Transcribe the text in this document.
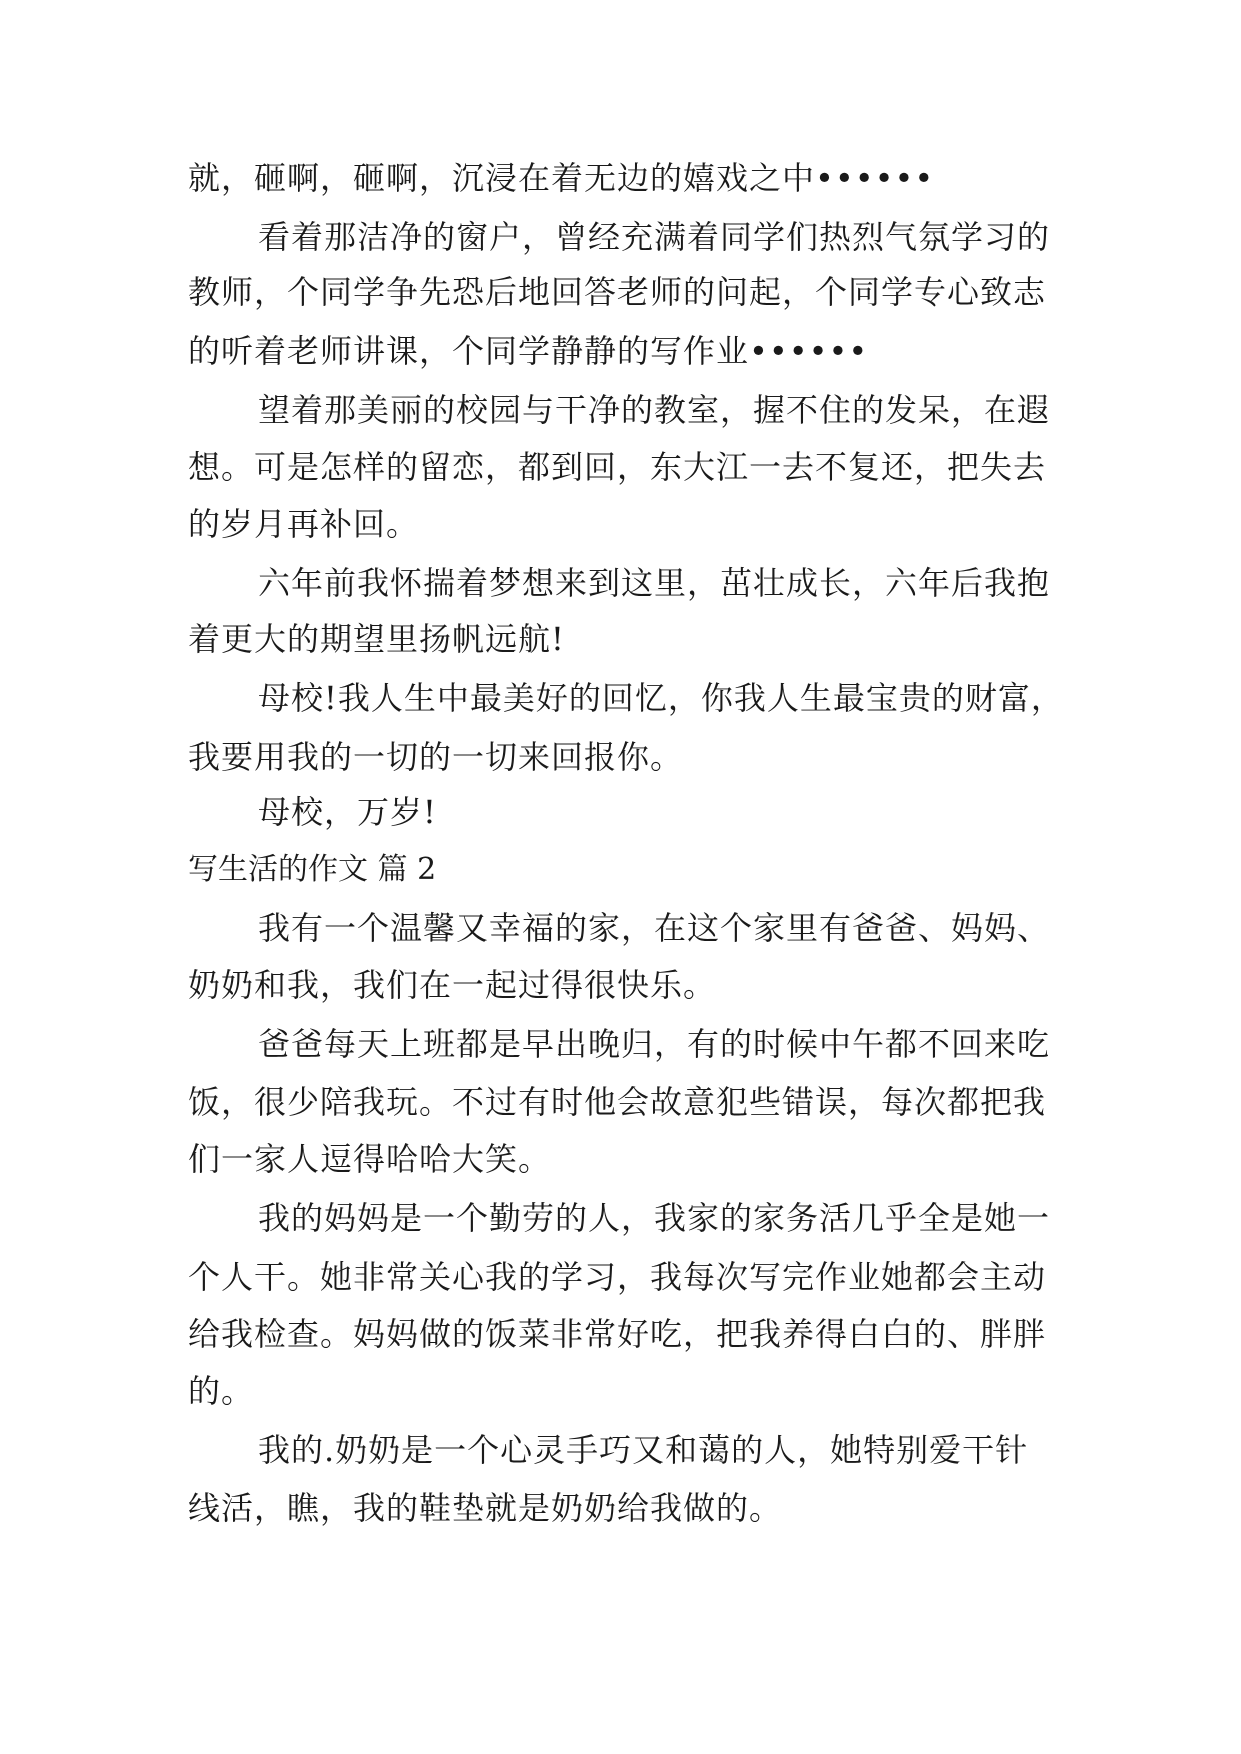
就，砸啊，砸啊，沉浸在着无边的嬉戏之中••••••
看着那洁净的窗户，曾经充满着同学们热烈气氛学习的
教师，个同学争先恐后地回答老师的问起，个同学专心致志
的听着老师讲课，个同学静静的写作业••••••
望着那美丽的校园与干净的教室，握不住的发呆，在遐
想。可是怎样的留恋，都到回，东大江一去不复还，把失去
的岁月再补回。
六年前我怀揣着梦想来到这里，茁壮成长，六年后我抱
着更大的期望里扬帆远航!
母校!我人生中最美好的回忆，你我人生最宝贵的财富，
我要用我的一切的一切来回报你。
母校，万岁!
写生活的作文 篇 2
我有一个温馨又幸福的家，在这个家里有爸爸、妈妈、
奶奶和我，我们在一起过得很快乐。
爸爸每天上班都是早出晚归，有的时候中午都不回来吃
饭，很少陪我玩。不过有时他会故意犯些错误，每次都把我
们一家人逗得哈哈大笑。
我的妈妈是一个勤劳的人，我家的家务活几乎全是她一
个人干。她非常关心我的学习，我每次写完作业她都会主动
给我检查。妈妈做的饭菜非常好吃，把我养得白白的、胖胖
的。
我的.奶奶是一个心灵手巧又和蔼的人，她特别爱干针
线活，瞧，我的鞋垫就是奶奶给我做的。
